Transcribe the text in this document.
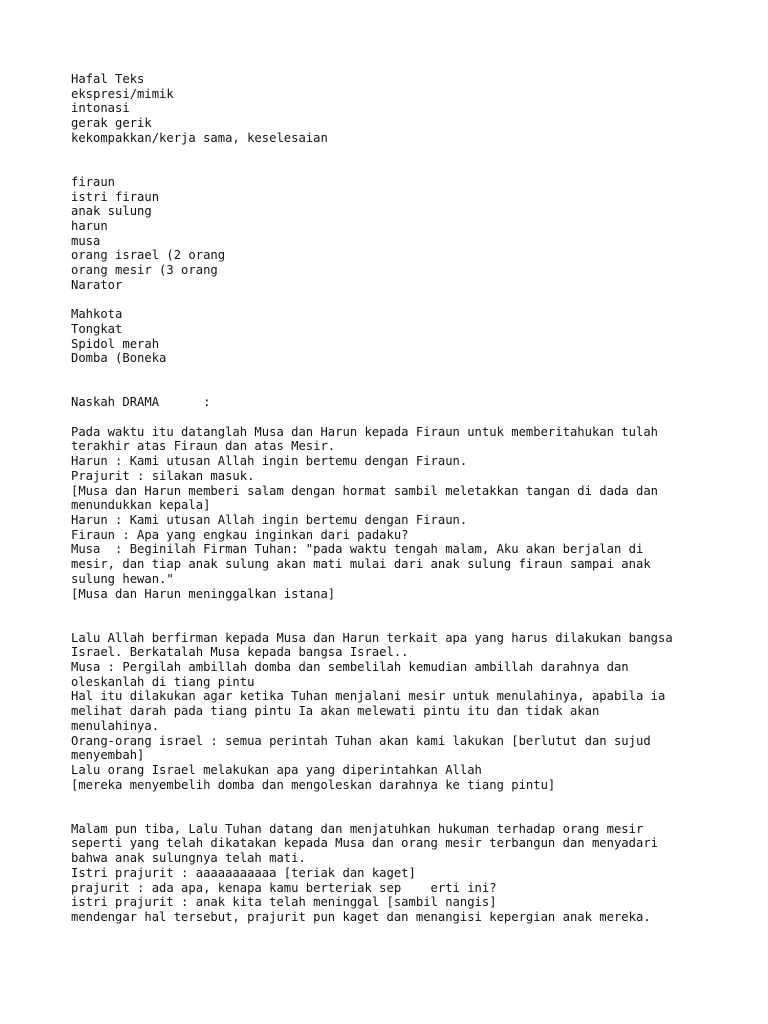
Hafal Teks
ekspresi/mimik
intonasi
gerak gerik
kekompakkan/kerja sama, keselesaian
firaun
istri firaun
anak sulung
harun
musa
orang israel (2 orang
orang mesir (3 orang
Narator
Mahkota
Tongkat
Spidol merah
Domba (Boneka
Naskah DRAMA      :
Pada waktu itu datanglah Musa dan Harun kepada Firaun untuk memberitahukan tulah
terakhir atas Firaun dan atas Mesir.
Harun : Kami utusan Allah ingin bertemu dengan Firaun.
Prajurit : silakan masuk.
[Musa dan Harun memberi salam dengan hormat sambil meletakkan tangan di dada dan
menundukkan kepala]
Harun : Kami utusan Allah ingin bertemu dengan Firaun.
Firaun : Apa yang engkau inginkan dari padaku?
Musa  : Beginilah Firman Tuhan: "pada waktu tengah malam, Aku akan berjalan di
mesir, dan tiap anak sulung akan mati mulai dari anak sulung firaun sampai anak
sulung hewan."
[Musa dan Harun meninggalkan istana]
Lalu Allah berfirman kepada Musa dan Harun terkait apa yang harus dilakukan bangsa
Israel. Berkatalah Musa kepada bangsa Israel..
Musa : Pergilah ambillah domba dan sembelilah kemudian ambillah darahnya dan
oleskanlah di tiang pintu
Hal itu dilakukan agar ketika Tuhan menjalani mesir untuk menulahinya, apabila ia
melihat darah pada tiang pintu Ia akan melewati pintu itu dan tidak akan
menulahinya.
Orang-orang israel : semua perintah Tuhan akan kami lakukan [berlutut dan sujud
menyembah]
Lalu orang Israel melakukan apa yang diperintahkan Allah
[mereka menyembelih domba dan mengoleskan darahnya ke tiang pintu]
Malam pun tiba, Lalu Tuhan datang dan menjatuhkan hukuman terhadap orang mesir
seperti yang telah dikatakan kepada Musa dan orang mesir terbangun dan menyadari
bahwa anak sulungnya telah mati.
Istri prajurit : aaaaaaaaaaa [teriak dan kaget]
prajurit : ada apa, kenapa kamu berteriak sep    erti ini?
istri prajurit : anak kita telah meninggal [sambil nangis]
mendengar hal tersebut, prajurit pun kaget dan menangisi kepergian anak mereka.
